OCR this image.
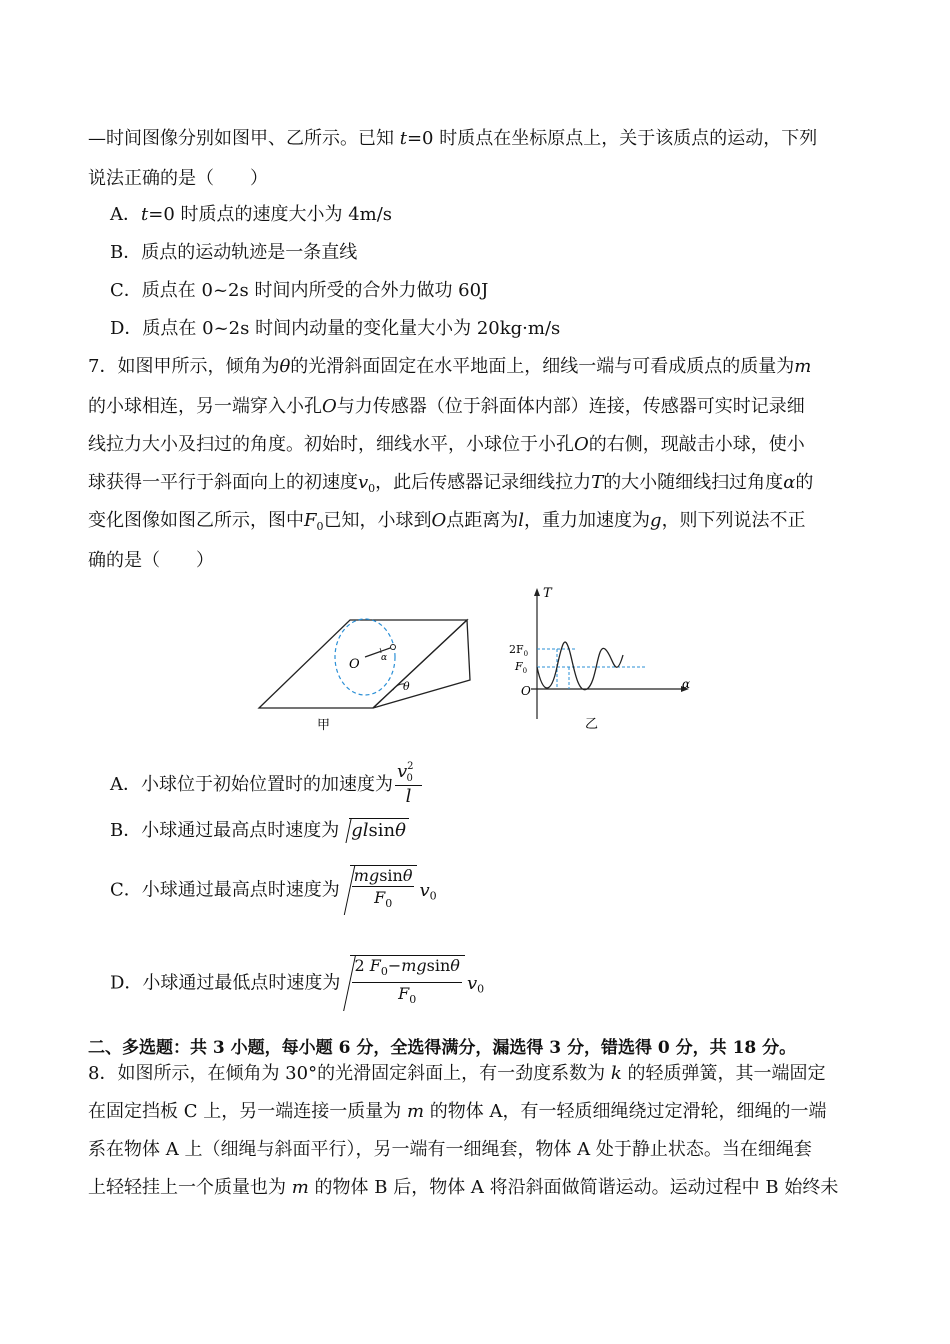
—时间图像分别如图甲、乙所示。已知 t=0 时质点在坐标原点上，关于该质点的运动，下列
说法正确的是（　　）
A．t=0 时质点的速度大小为 4m/s
B．质点的运动轨迹是一条直线
C．质点在 0~2s 时间内所受的合外力做功 60J
D．质点在 0~2s 时间内动量的变化量大小为 20kg·m/s
7．如图甲所示，倾角为θ的光滑斜面固定在水平地面上，细线一端与可看成质点的质量为m
的小球相连，另一端穿入小孔O与力传感器（位于斜面体内部）连接，传感器可实时记录细
线拉力大小及扫过的角度。初始时，细线水平，小球位于小孔O的右侧，现敲击小球，使小
球获得一平行于斜面向上的初速度$v_0$，此后传感器记录细线拉力T的大小随细线扫过角度α的
变化图像如图乙所示，图中$F_0$已知，小球到O点距离为l，重力加速度为g，则下列说法不正
确的是（　　）
O α
θ
甲
T
$2F_0$
$F_0$
O	α
乙
A．小球位于初始位置时的加速度为 $\frac{v20}{l}$
B．小球通过最高点时速度为 glsinθ
C．小球通过最高点时速度为 $\frac{mgsin\theta}{F_0} v_0$
D．小球通过最低点时速度为 $\frac{2 F_0-mgsin\theta}{F_0} v_0$
二、多选题：共 3 小题，每小题 6 分，全选得满分，漏选得 3 分，错选得 0 分，共 18 分。
8．如图所示，在倾角为 30°的光滑固定斜面上，有一劲度系数为 k 的轻质弹簧，其一端固定
在固定挡板 C 上，另一端连接一质量为 m 的物体 A，有一轻质细绳绕过定滑轮，细绳的一端
系在物体 A 上（细绳与斜面平行），另一端有一细绳套，物体 A 处于静止状态。当在细绳套
上轻轻挂上一个质量也为 m 的物体 B 后，物体 A 将沿斜面做简谐运动。运动过程中 B 始终未
